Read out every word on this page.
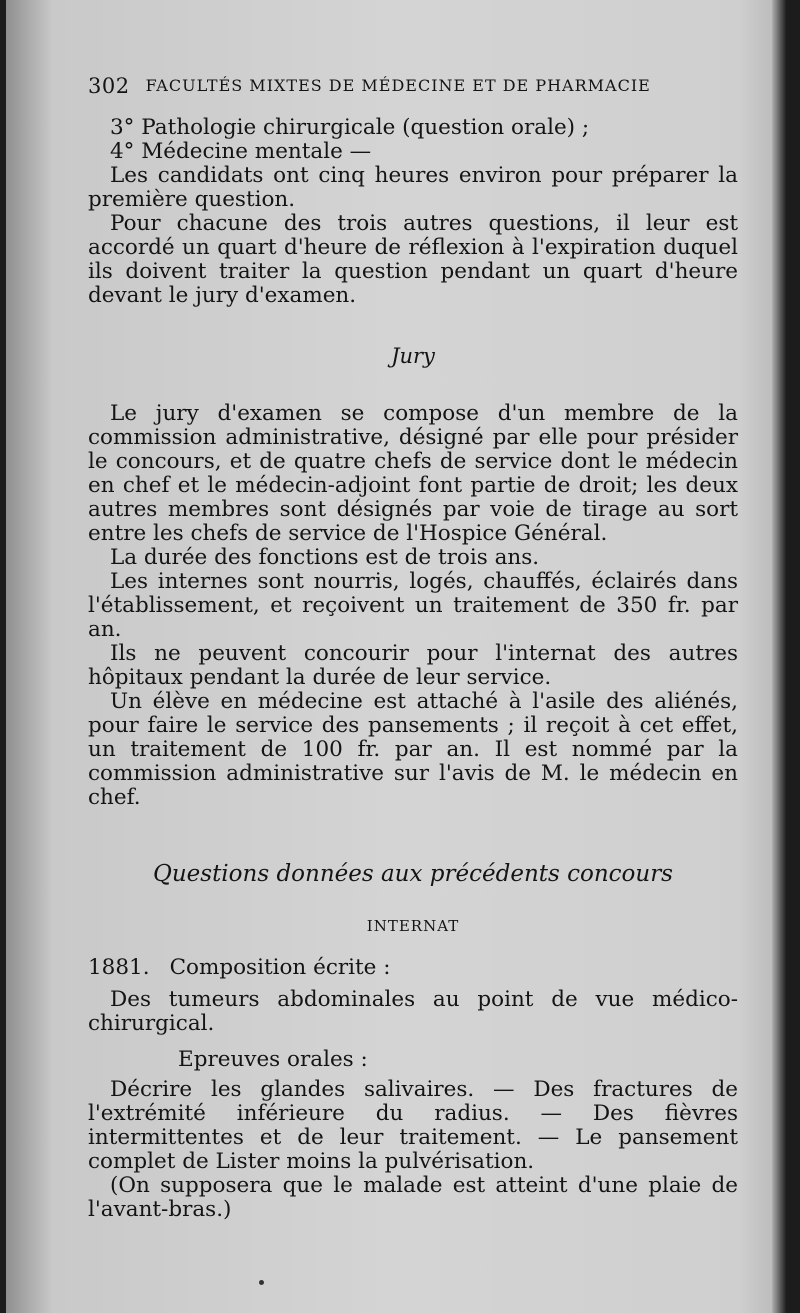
302 FACULTÉS MIXTES DE MÉDECINE ET DE PHARMACIE

3° Pathologie chirurgicale (question orale) ;

4° Médecine mentale —

Les candidats ont cinq heures environ pour préparer la première question.

Pour chacune des trois autres questions, il leur est accordé un quart d'heure de réflexion à l'expiration duquel ils doivent traiter la question pendant un quart d'heure devant le jury d'examen.

Jury

Le jury d'examen se compose d'un membre de la commission administrative, désigné par elle pour présider le concours, et de quatre chefs de service dont le médecin en chef et le médecin-adjoint font partie de droit; les deux autres membres sont désignés par voie de tirage au sort entre les chefs de service de l'Hospice Général.

La durée des fonctions est de trois ans.

Les internes sont nourris, logés, chauffés, éclairés dans l'établissement, et reçoivent un traitement de 350 fr. par an.

Ils ne peuvent concourir pour l'internat des autres hôpitaux pendant la durée de leur service.

Un élève en médecine est attaché à l'asile des aliénés, pour faire le service des pansements ; il reçoit à cet effet, un traitement de 100 fr. par an. Il est nommé par la commission administrative sur l'avis de M. le médecin en chef.

Questions données aux précédents concours
INTERNAT
1881. Composition écrite :

Des tumeurs abdominales au point de vue médico-chirurgical.

Epreuves orales :

Décrire les glandes salivaires. — Des fractures de l'extrémité inférieure du radius. — Des fièvres intermittentes et de leur traitement. — Le pansement complet de Lister moins la pulvérisation.

(On supposera que le malade est atteint d'une plaie de l'avant-bras.)
